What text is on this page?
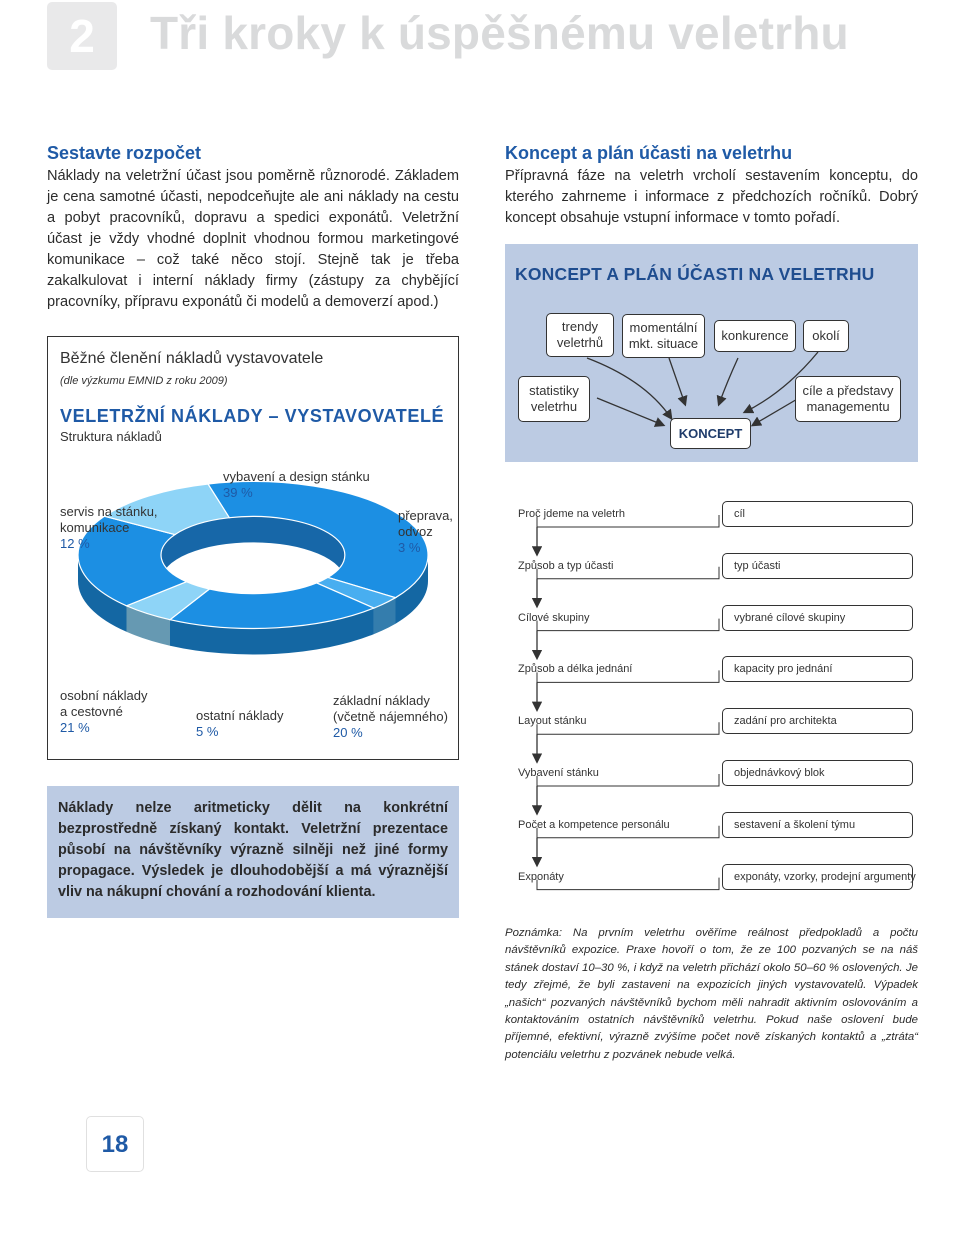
2	Tři kroky k úspěšnému veletrhu
Sestavte rozpočet

Náklady na veletržní účast jsou poměrně různorodé. Základem je cena samotné účasti, nepodceňujte ale ani náklady na cestu a pobyt pracovníků, dopravu a spedici exponátů. Veletržní účast je vždy vhodné doplnit vhodnou formou marketingové komunikace – což také něco stojí. Stejně tak je třeba zakalkulovat i interní náklady firmy (zástupy za chybějící pracovníky, přípravu exponátů či modelů a demoverzí apod.)

Běžné členění nákladů vystavovatele
(dle výzkumu EMNID z roku 2009)
VELETRŽNÍ NÁKLADY – VYSTAVOVATELÉ
Struktura nákladů
vybavení a design stánku
39 %
přeprava,
odvoz
3 %
servis na stánku,
komunikace
12 %
osobní náklady
a cestovné
21 %
ostatní náklady
5 %
základní náklady
(včetně nájemného)
20 %

Náklady nelze aritmeticky dělit na konkrétní bezprostředně získaný kontakt. Veletržní prezentace působí na návštěvníky výrazně silněji než jiné formy propagace. Výsledek je dlouhodobější a má výraznější vliv na nákupní chování a rozhodování klienta.

Koncept a plán účasti na veletrhu

Přípravná fáze na veletrh vrcholí sestavením konceptu, do kterého zahrneme i informace z předchozích ročníků. Dobrý koncept obsahuje vstupní informace v tomto pořadí.

KONCEPT A PLÁN ÚČASTI NA VELETRHU
trendy veletrhů
momentální mkt. situace
konkurence	okolí
statistiky veletrhu
cíle a představy managementu
KONCEPT
Proč jdeme na veletrh	cíl
Způsob a typ účasti	typ účasti
Cílové skupiny	vybrané cílové skupiny
Způsob a délka jednání	kapacity pro jednání
Layout stánku	zadání pro architekta
Vybavení stánku	objednávkový blok
Počet a kompetence personálu	sestavení a školení týmu
Exponáty	exponáty, vzorky, prodejní argumenty

Poznámka: Na prvním veletrhu ověříme reálnost předpokladů a počtu návštěvníků expozice. Praxe hovoří o tom, že ze 100 pozvaných se na náš stánek dostaví 10–30 %, i když na veletrh přichází okolo 50–60 % oslovených. Je tedy zřejmé, že byli zastaveni na expozicích jiných vystavovatelů. Výpadek „našich“ pozvaných návštěvníků bychom měli nahradit aktivním oslovováním a kontaktováním ostatních návštěvníků veletrhu. Pokud naše oslovení bude příjemné, efektivní, výrazně zvýšíme počet nově získaných kontaktů a „ztráta“ potenciálu veletrhu z pozvánek nebude velká.

18
